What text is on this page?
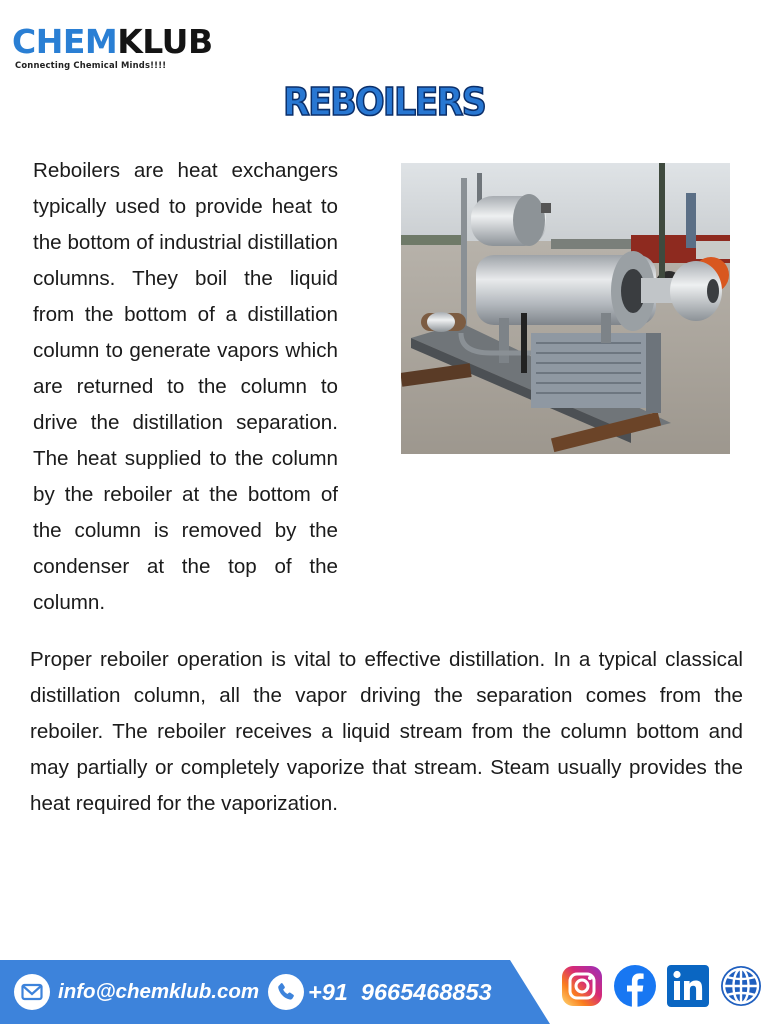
CHEMKLUB
Connecting Chemical Minds!!!!
REBOILERS
Reboilers are heat exchangers typically used to provide heat to the bottom of industrial distillation columns. They boil the liquid from the bottom of a distillation column to generate vapors which are returned to the column to drive the distillation separation. The heat supplied to the column by the reboiler at the bottom of the column is removed by the condenser at the top of the column.
Proper reboiler operation is vital to effective distillation. In a typical classical distillation column, all the vapor driving the separation comes from the reboiler. The reboiler receives a liquid stream from the column bottom and may partially or completely vaporize that stream. Steam usually provides the heat required for the vaporization.
info@chemklub.com +91  9665468853
